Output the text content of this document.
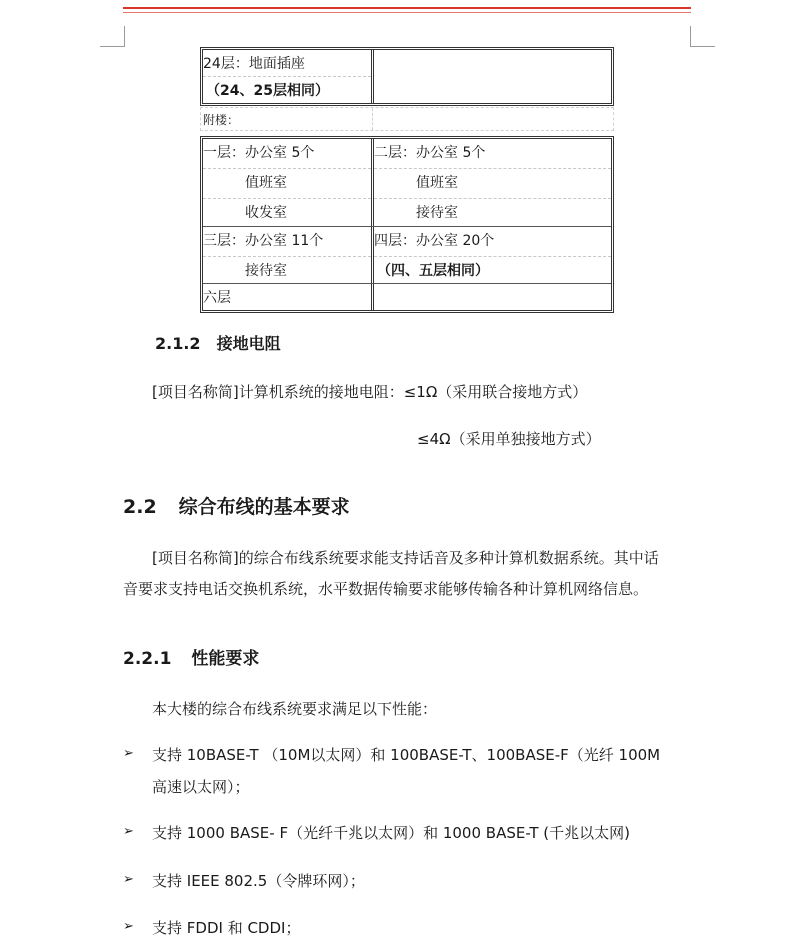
24层：地面插座
（24、25层相同）
附楼：
一层：办公室 5个
值班室
收发室
二层：办公室 5个
值班室
接待室
三层：办公室 11个
接待室
四层：办公室 20个
（四、五层相同）
六层
2.1.2 接地电阻
[项目名称简]计算机系统的接地电阻：≤1Ω（采用联合接地方式）
≤4Ω（采用单独接地方式）
2.2 综合布线的基本要求
[项目名称简]的综合布线系统要求能支持话音及多种计算机数据系统。其中话
音要求支持电话交换机系统，水平数据传输要求能够传输各种计算机网络信息。
2.2.1 性能要求
本大楼的综合布线系统要求满足以下性能：
➢ 支持 10BASE-T （10M以太网）和 100BASE-T、100BASE-F（光纤 100M
高速以太网）；
➢ 支持 1000 BASE- F（光纤千兆以太网）和 1000 BASE-T (千兆以太网)
➢ 支持 IEEE 802.5（令牌环网）；
➢ 支持 FDDI 和 CDDI；
